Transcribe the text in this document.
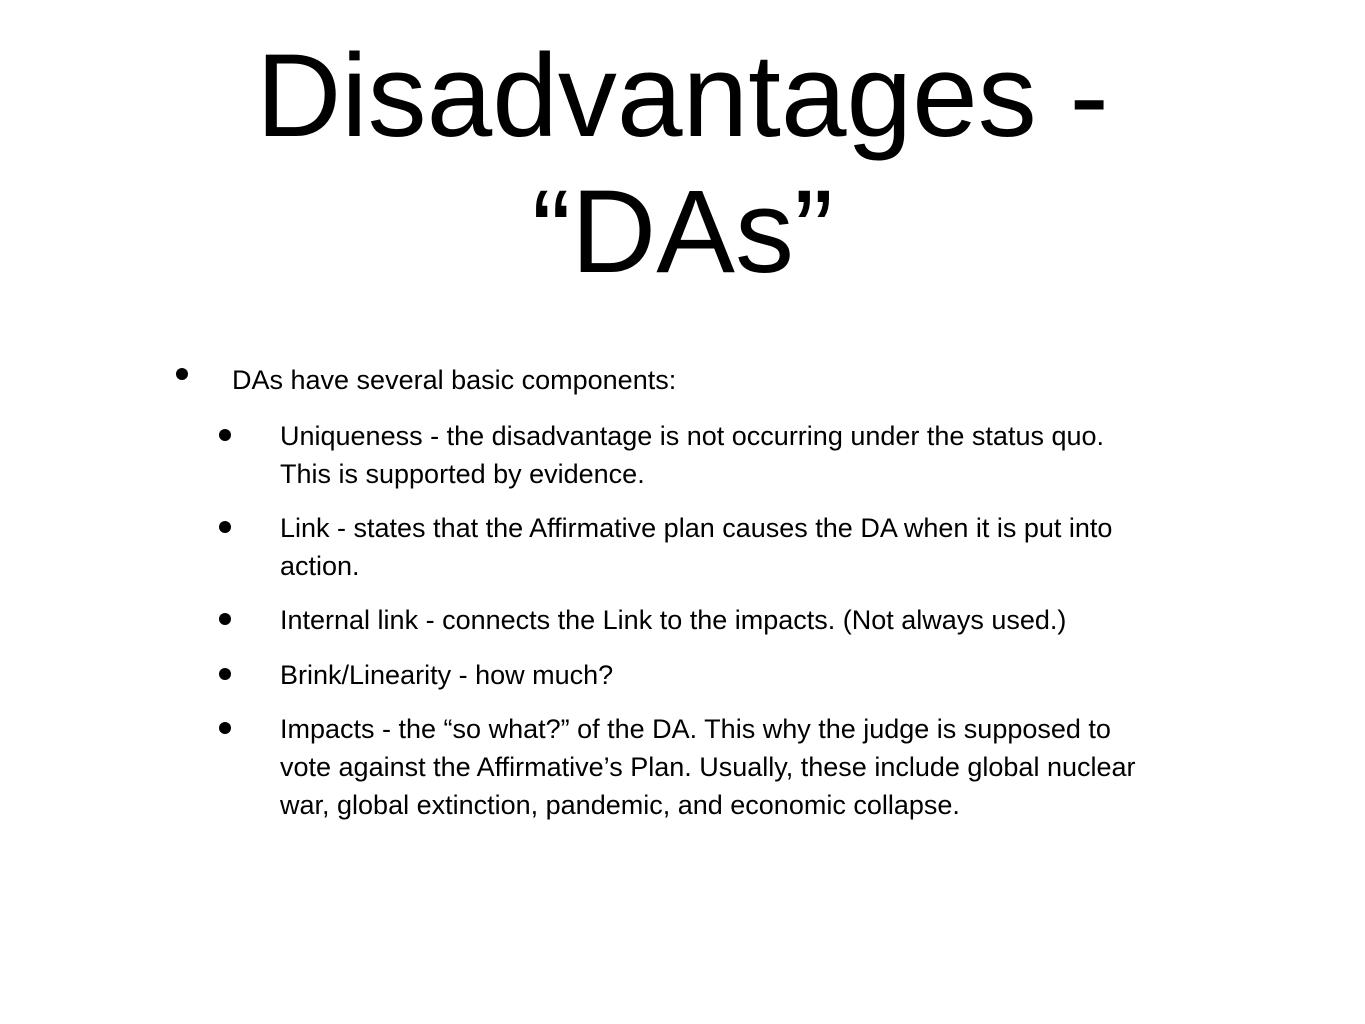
Disadvantages -
“DAs”
DAs have several basic components:
Uniqueness - the disadvantage is not occurring under the status quo. This is supported by evidence.
Link - states that the Affirmative plan causes the DA when it is put into action.
Internal link - connects the Link to the impacts. (Not always used.)
Brink/Linearity - how much?
Impacts - the “so what?” of the DA. This why the judge is supposed to vote against the Affirmative’s Plan. Usually, these include global nuclear war, global extinction, pandemic, and economic collapse.
